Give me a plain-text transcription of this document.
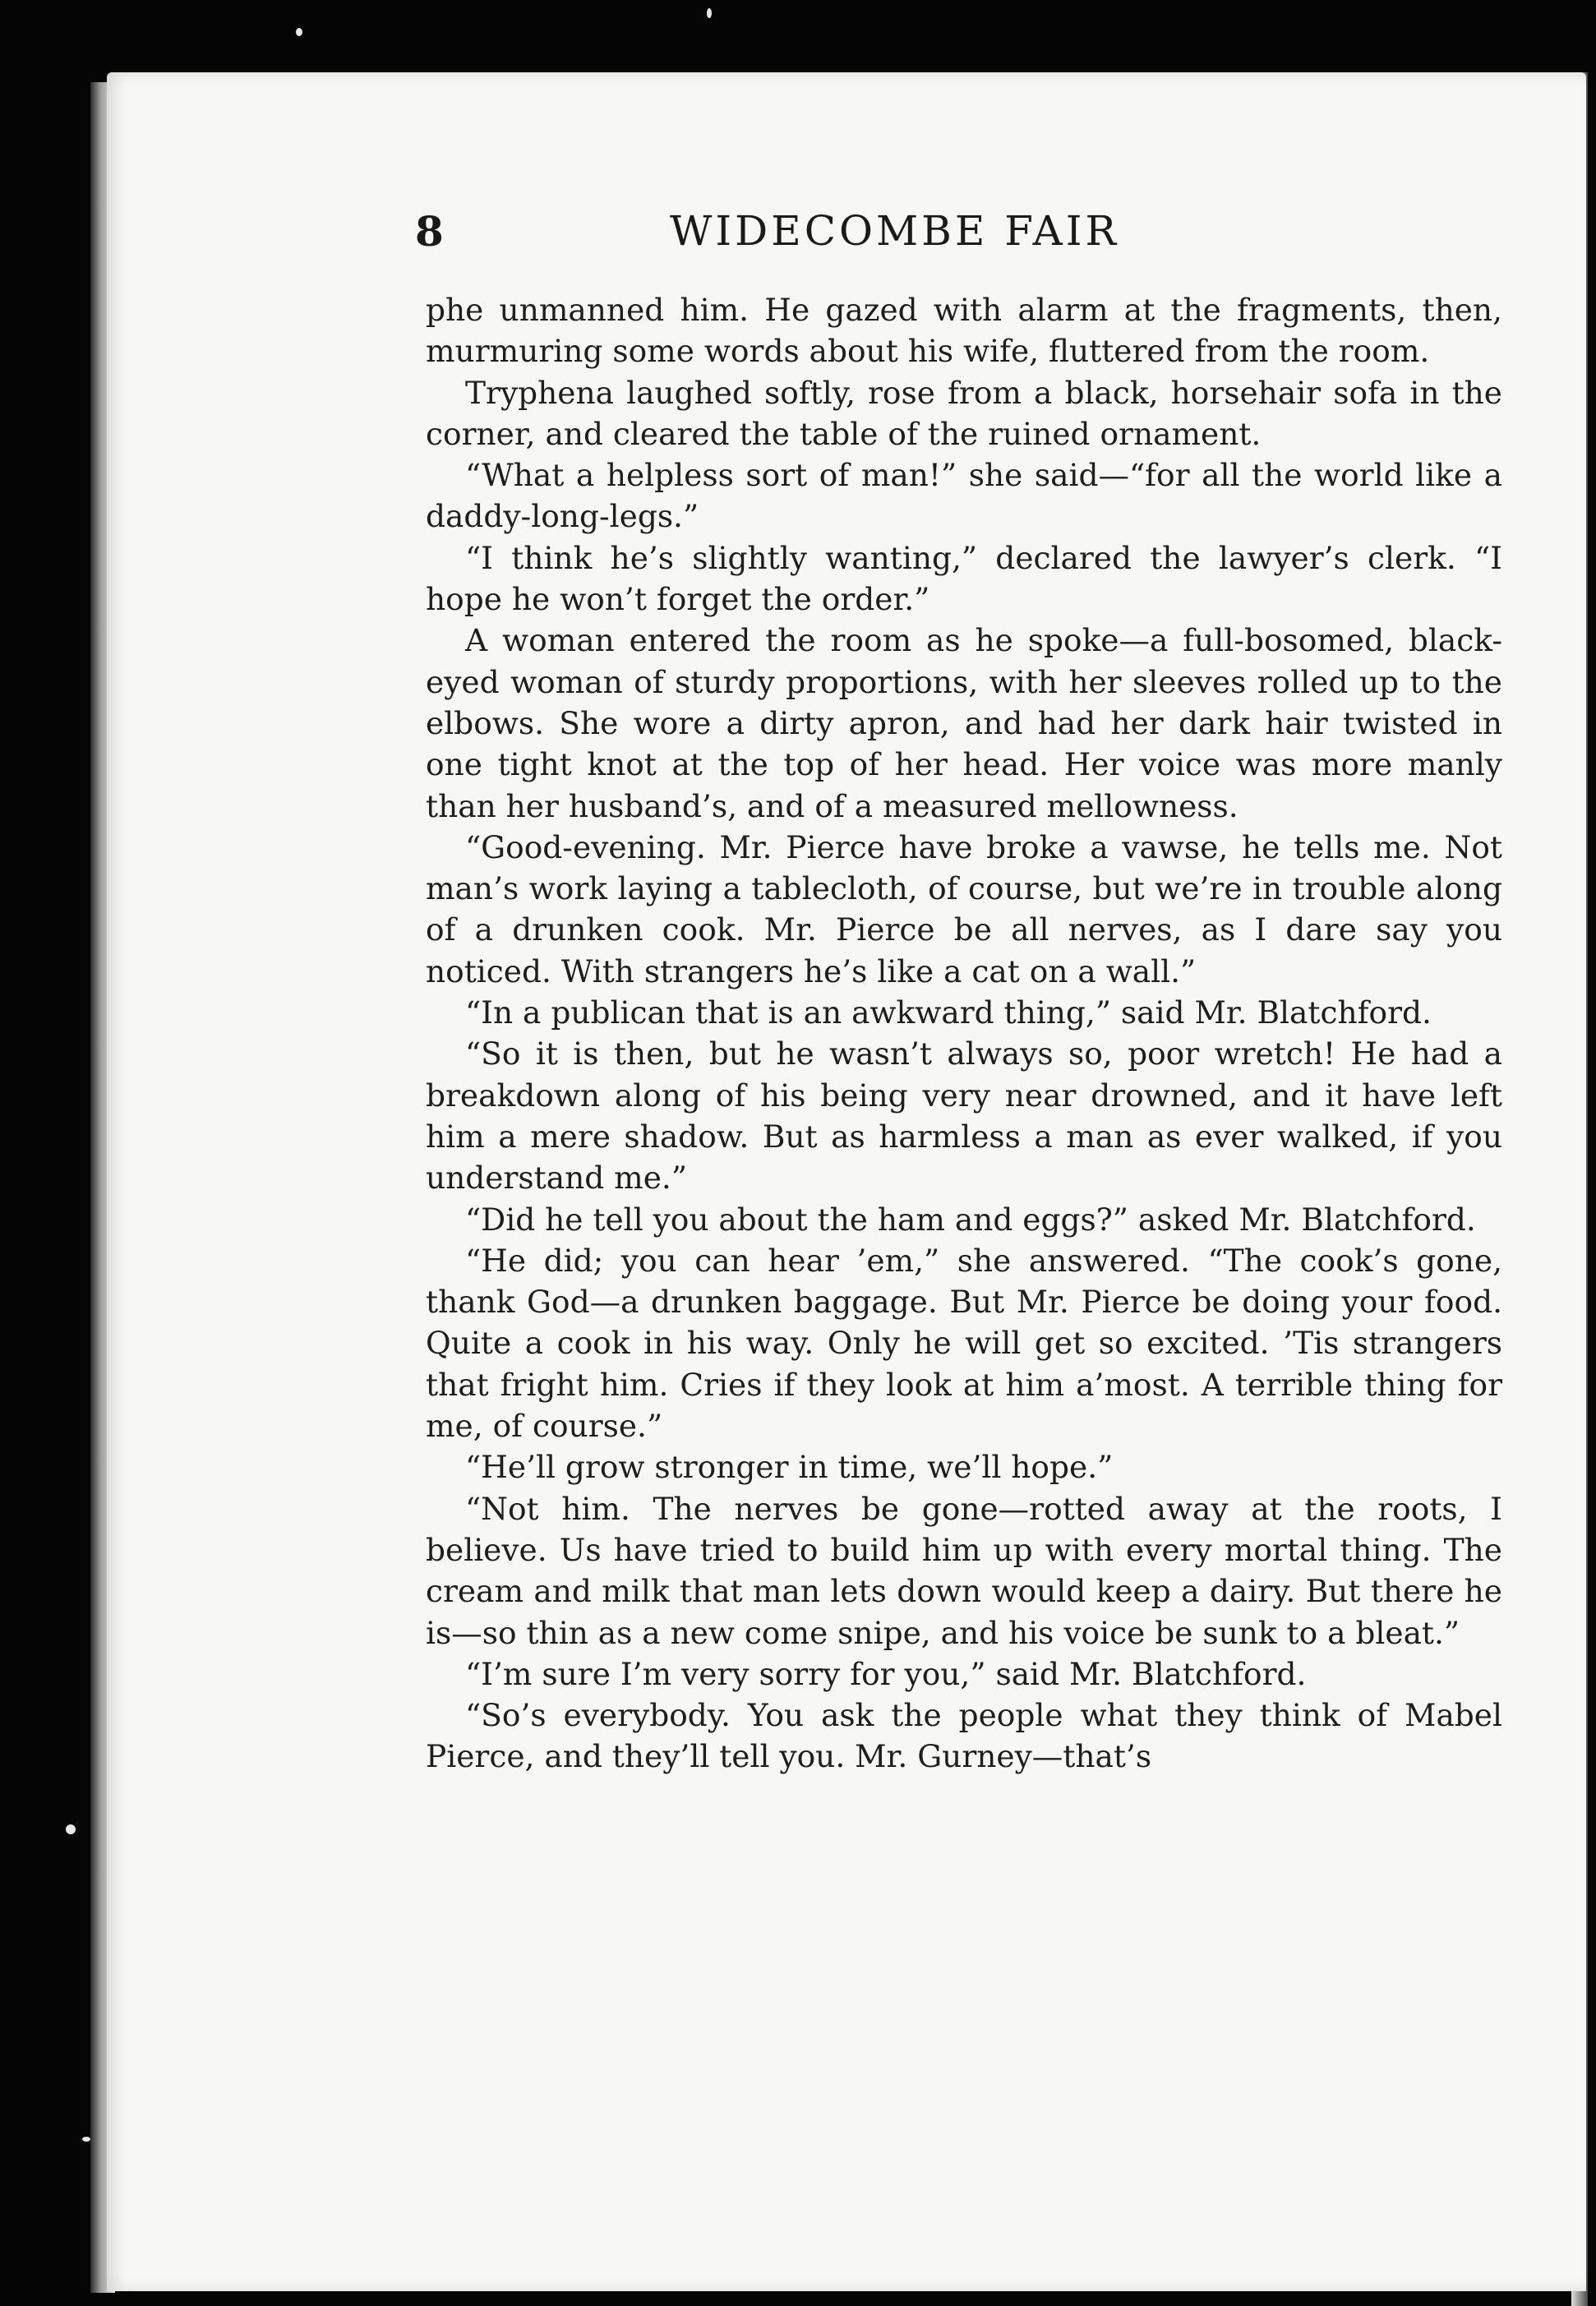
8	WIDECOMBE FAIR

phe unmanned him. He gazed with alarm at the fragments, then, murmuring some words about his wife, fluttered from the room.

Tryphena laughed softly, rose from a black, horsehair sofa in the corner, and cleared the table of the ruined ornament.

“What a helpless sort of man!” she said—“for all the world like a daddy-long-legs.”

“I think he’s slightly wanting,” declared the lawyer’s clerk. “I hope he won’t forget the order.”

A woman entered the room as he spoke—a full-bosomed, black-eyed woman of sturdy proportions, with her sleeves rolled up to the elbows. She wore a dirty apron, and had her dark hair twisted in one tight knot at the top of her head. Her voice was more manly than her husband’s, and of a measured mellowness.

“Good-evening. Mr. Pierce have broke a vawse, he tells me. Not man’s work laying a tablecloth, of course, but we’re in trouble along of a drunken cook. Mr. Pierce be all nerves, as I dare say you noticed. With strangers he’s like a cat on a wall.”

“In a publican that is an awkward thing,” said Mr. Blatchford.

“So it is then, but he wasn’t always so, poor wretch! He had a breakdown along of his being very near drowned, and it have left him a mere shadow. But as harmless a man as ever walked, if you understand me.”

“Did he tell you about the ham and eggs?” asked Mr. Blatchford.

“He did; you can hear ’em,” she answered. “The cook’s gone, thank God—a drunken baggage. But Mr. Pierce be doing your food. Quite a cook in his way. Only he will get so excited. ’Tis strangers that fright him. Cries if they look at him a’most. A terrible thing for me, of course.”

“He’ll grow stronger in time, we’ll hope.”

“Not him. The nerves be gone—rotted away at the roots, I believe. Us have tried to build him up with every mortal thing. The cream and milk that man lets down would keep a dairy. But there he is—so thin as a new come snipe, and his voice be sunk to a bleat.”

“I’m sure I’m very sorry for you,” said Mr. Blatchford.

“So’s everybody. You ask the people what they think of Mabel Pierce, and they’ll tell you. Mr. Gurney—that’s
